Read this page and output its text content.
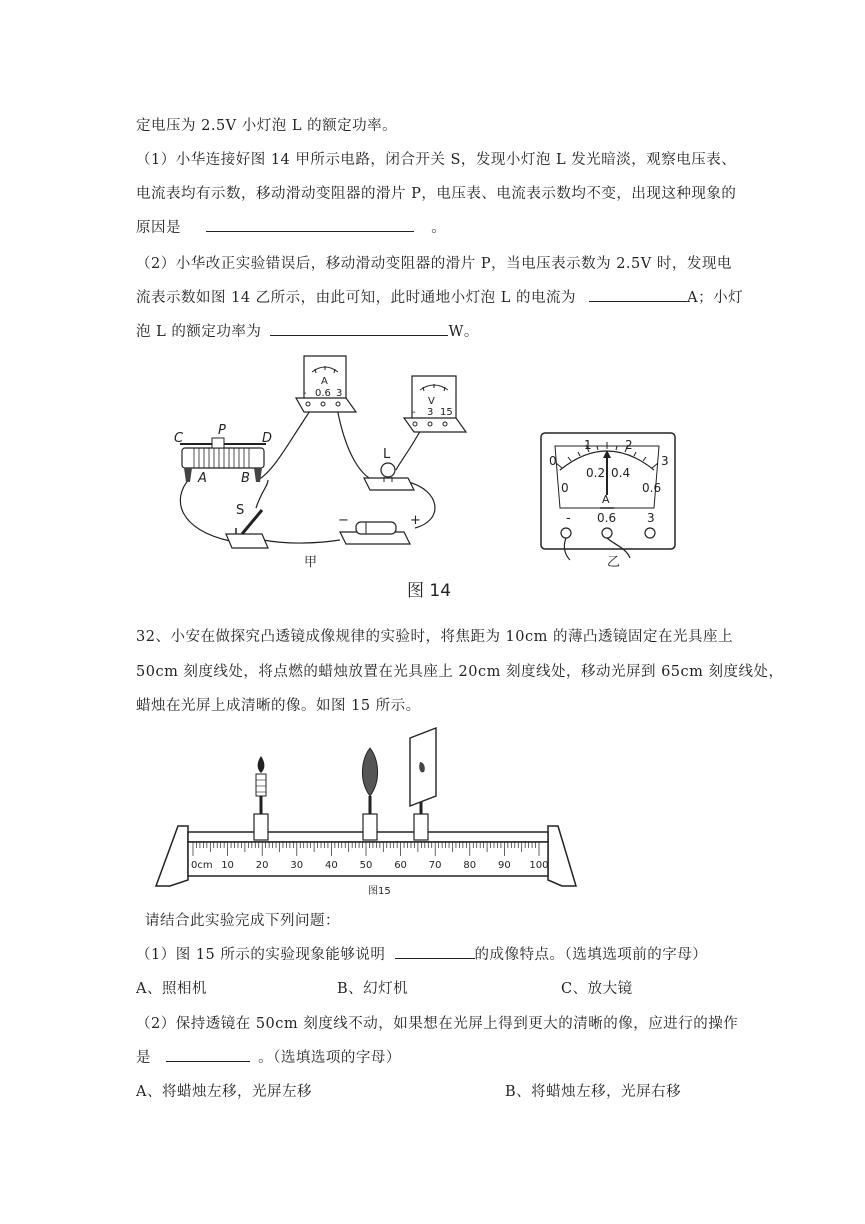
定电压为 2.5V 小灯泡 L 的额定功率。
（1）小华连接好图 14 甲所示电路，闭合开关 S，发现小灯泡 L 发光暗淡，观察电压表、
电流表均有示数，移动滑动变阻器的滑片 P，电压表、电流表示数均不变，出现这种现象的
原因是	。
（2）小华改正实验错误后，移动滑动变阻器的滑片 P，当电压表示数为 2.5V 时，发现电
流表示数如图 14 乙所示，由此可知，此时通地小灯泡 L 的电流为	A；小灯
泡 L 的额定功率为	W。
A
- 0.6 3
V
- 3 15
C
P
D
A	B
L
S
−	+
0
1	2
3
0
0.2 0.4
0.6
A
- 0.6	3
甲	乙
图 14
32、小安在做探究凸透镜成像规律的实验时，将焦距为 10cm 的薄凸透镜固定在光具座上
50cm 刻度线处，将点燃的蜡烛放置在光具座上 20cm 刻度线处，移动光屏到 65cm 刻度线处，
蜡烛在光屏上成清晰的像。如图 15 所示。
0cm 10 20 30 40 50 60 70 80 90 100
图15
请结合此实验完成下列问题：
（1）图 15 所示的实验现象能够说明	的成像特点。（选填选项前的字母）
A、照相机	B、幻灯机	C、放大镜
（2）保持透镜在 50cm 刻度线不动，如果想在光屏上得到更大的清晰的像，应进行的操作
是	。（选填选项的字母）
A、将蜡烛左移，光屏左移	B、将蜡烛左移，光屏右移
